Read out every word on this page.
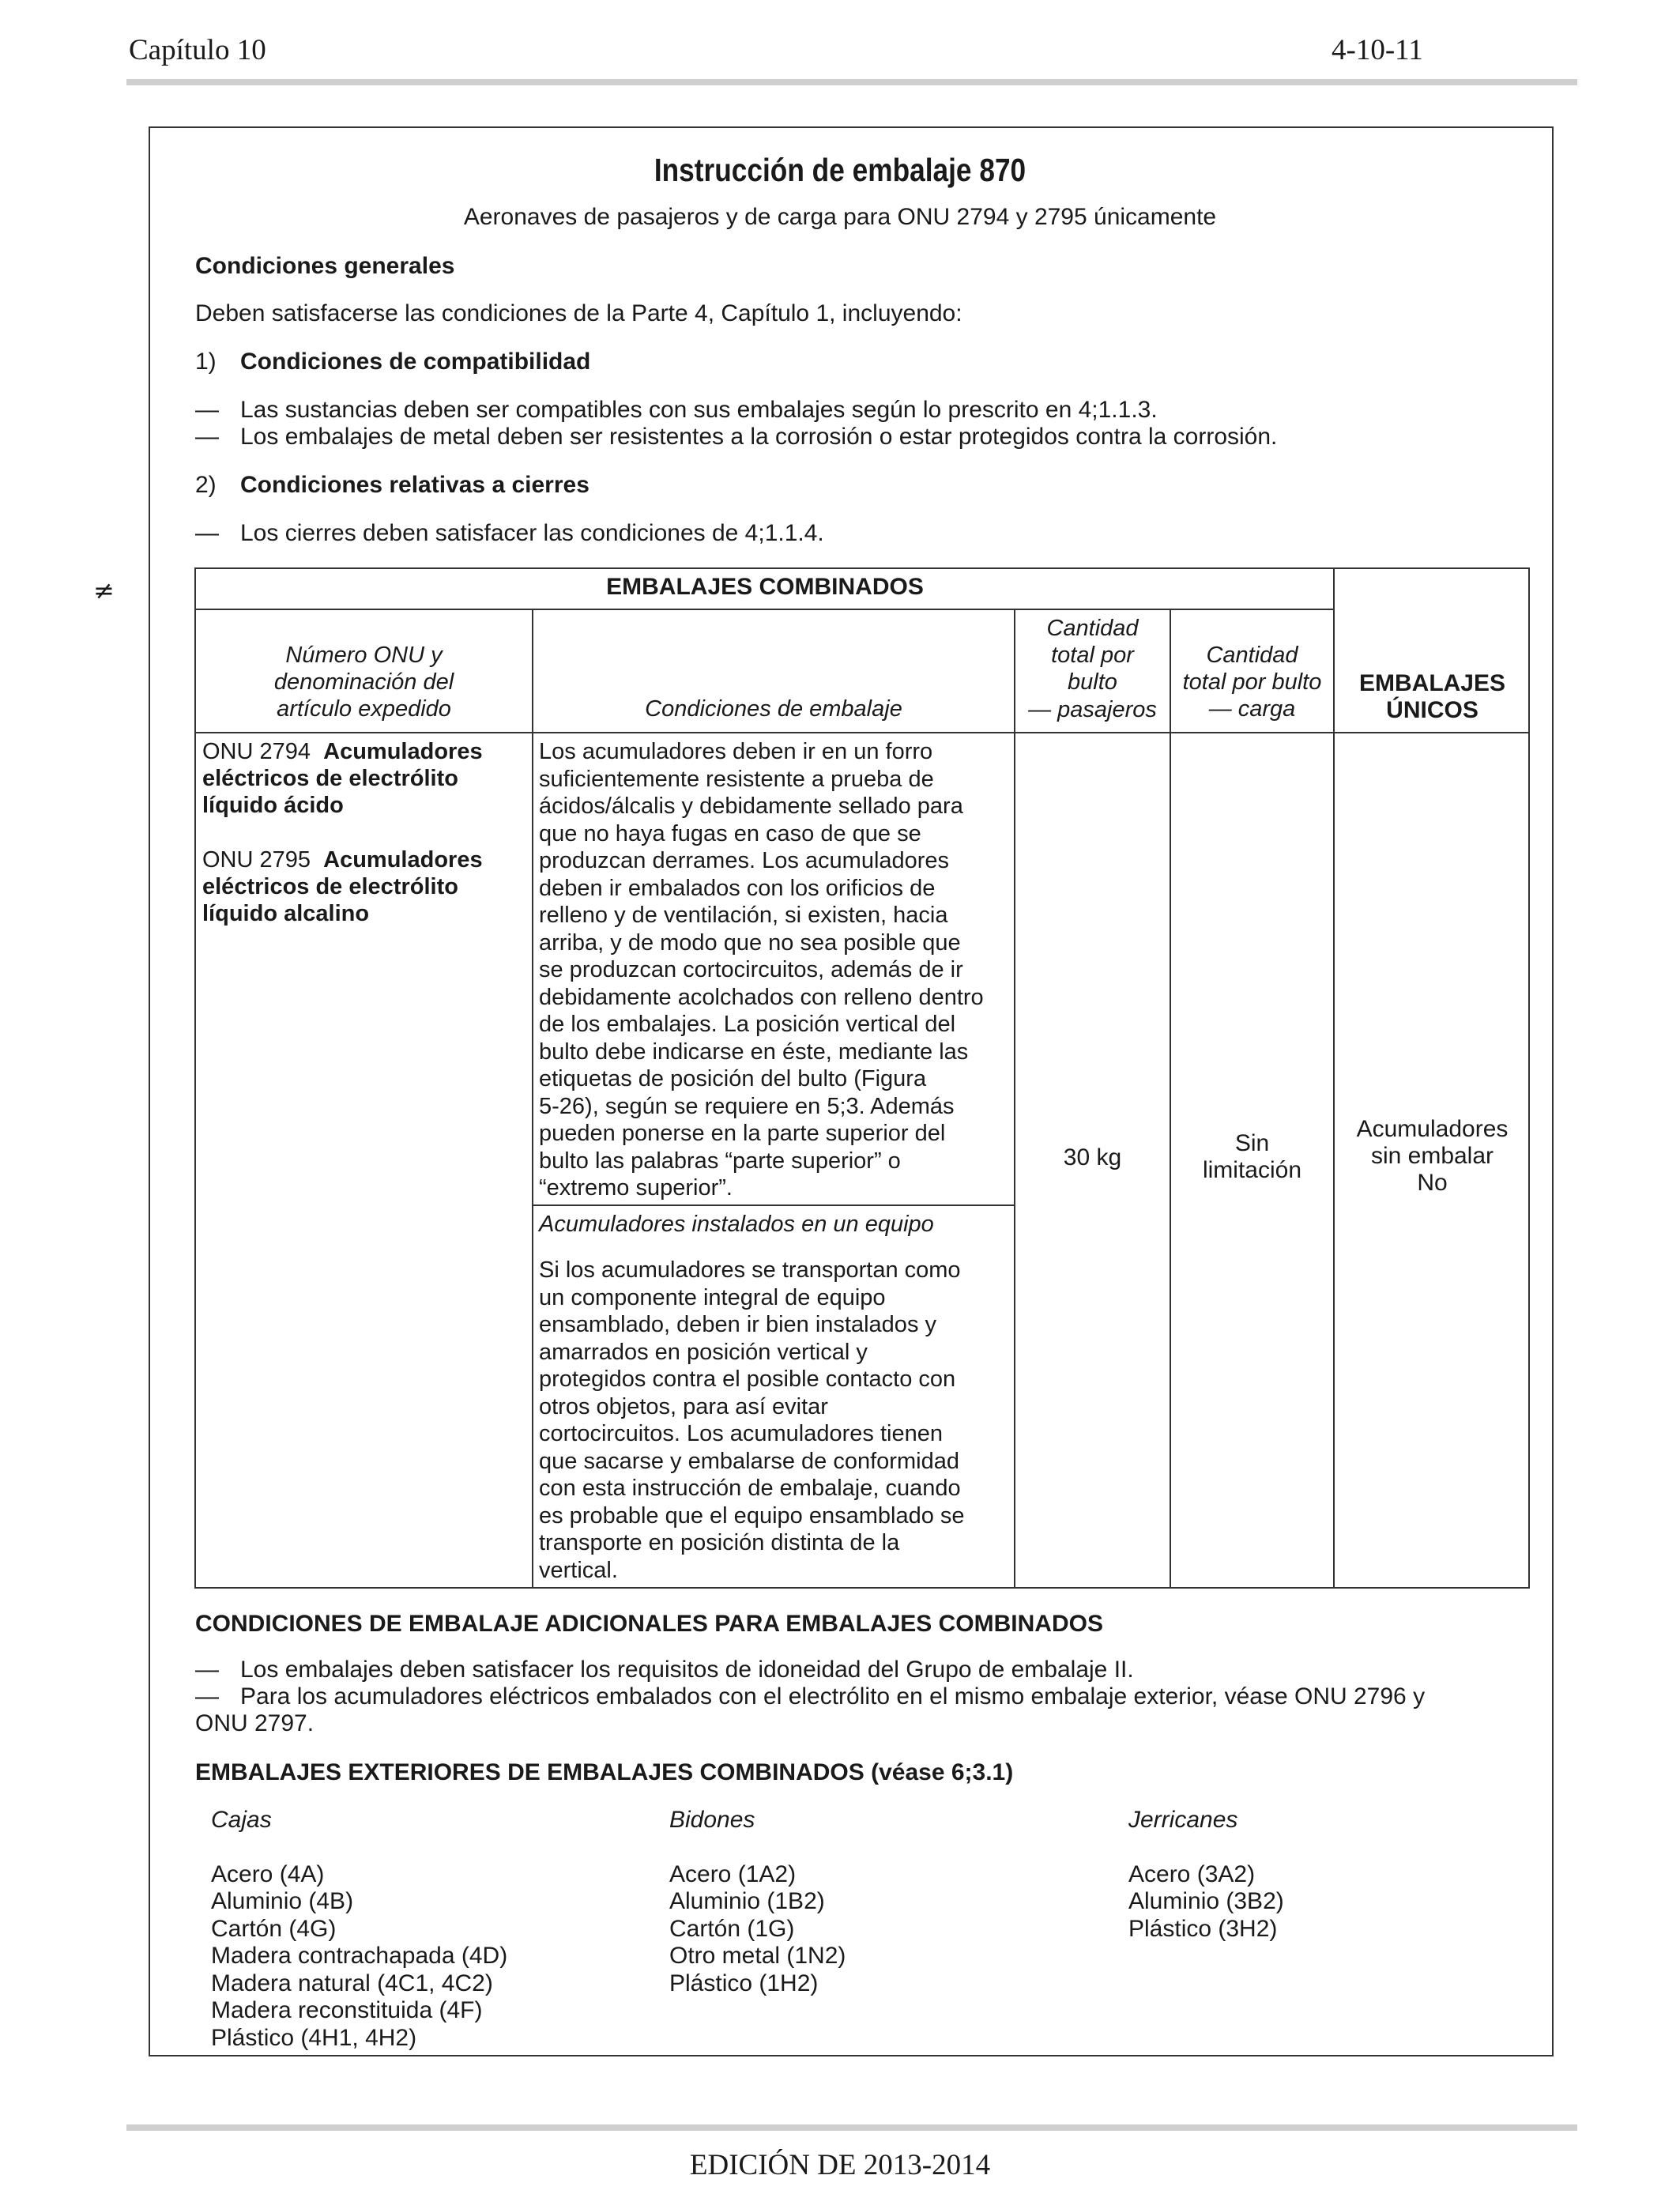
Capítulo 10	4-10-11
≠
Instrucción de embalaje 870
Aeronaves de pasajeros y de carga para ONU 2794 y 2795 únicamente
Condiciones generales
Deben satisfacerse las condiciones de la Parte 4, Capítulo 1, incluyendo:
1) Condiciones de compatibilidad
— Las sustancias deben ser compatibles con sus embalajes según lo prescrito en 4;1.1.3.
— Los embalajes de metal deben ser resistentes a la corrosión o estar protegidos contra la corrosión.
2) Condiciones relativas a cierres
— Los cierres deben satisfacer las condiciones de 4;1.1.4.
EMBALAJES COMBINADOS
Número ONU y
denominación del
artículo expedido	Condiciones de embalaje
Cantidad
total por
bulto
— pasajeros
Cantidad
total por bulto
— carga
EMBALAJES
ÚNICOS
ONU 2794 Acumuladores
eléctricos de electrólito
líquido ácido
ONU 2795 Acumuladores
eléctricos de electrólito
líquido alcalino
Los acumuladores deben ir en un forro
suficientemente resistente a prueba de
ácidos/álcalis y debidamente sellado para
que no haya fugas en caso de que se
produzcan derrames. Los acumuladores
deben ir embalados con los orificios de
relleno y de ventilación, si existen, hacia
arriba, y de modo que no sea posible que
se produzcan cortocircuitos, además de ir
debidamente acolchados con relleno dentro
de los embalajes. La posición vertical del
bulto debe indicarse en éste, mediante las
etiquetas de posición del bulto (Figura
5-26), según se requiere en 5;3. Además
pueden ponerse en la parte superior del
bulto las palabras “parte superior” o
“extremo superior”.
Acumuladores instalados en un equipo
Si los acumuladores se transportan como
un componente integral de equipo
ensamblado, deben ir bien instalados y
amarrados en posición vertical y
protegidos contra el posible contacto con
otros objetos, para así evitar
cortocircuitos. Los acumuladores tienen
que sacarse y embalarse de conformidad
con esta instrucción de embalaje, cuando
es probable que el equipo ensamblado se
transporte en posición distinta de la
vertical.
30 kg
Sin
limitación
Acumuladores
sin embalar
No
CONDICIONES DE EMBALAJE ADICIONALES PARA EMBALAJES COMBINADOS
— Los embalajes deben satisfacer los requisitos de idoneidad del Grupo de embalaje II.
— Para los acumuladores eléctricos embalados con el electrólito en el mismo embalaje exterior, véase ONU 2796 y
ONU 2797.
EMBALAJES EXTERIORES DE EMBALAJES COMBINADOS (véase 6;3.1)
Cajas
Acero (4A)
Aluminio (4B)
Cartón (4G)
Madera contrachapada (4D)
Madera natural (4C1, 4C2)
Madera reconstituida (4F)
Plástico (4H1, 4H2)
Bidones
Acero (1A2)
Aluminio (1B2)
Cartón (1G)
Otro metal (1N2)
Plástico (1H2)
Jerricanes
Acero (3A2)
Aluminio (3B2)
Plástico (3H2)
EDICIÓN DE 2013-2014
